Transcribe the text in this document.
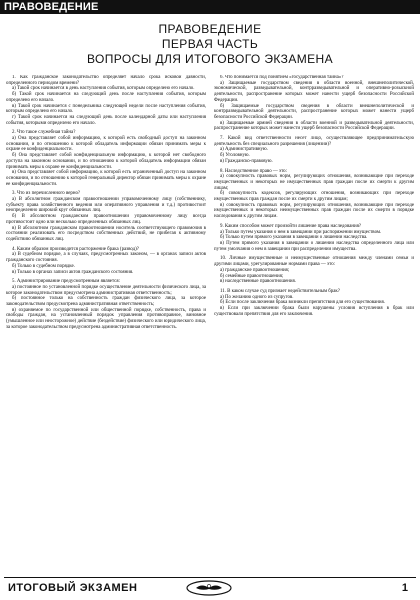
ПРАВОВЕДЕНИЕ
ПРАВОВЕДЕНИЕ
ПЕРВАЯ ЧАСТЬ
ВОПРОСЫ ДЛЯ ИТОГОВОГО ЭКЗАМЕНА

1. Как гражданское законодательство определяет начало срока исковой давности, определенного периодом времени?

а) Такой срок начинается в день наступления события, которым определено его начало.

б) Такой срок начинается на следующий день после наступления события, которым определено его начало.

в) Такой срок начинается с понедельника следующей недели после наступления события, которым определено его начало.

г) Такой срок начинается на следующий день после календарной даты или наступления события, которыми определено его начало.

2. Что такое служебная тайна?

а) Она представляет собой информацию, к которой есть свободный доступ на законном основании, и по отношению к которой обладатель информации обязан принимать меры к охране ее конфиденциальности.

б) Она представляет собой конфиденциальную информацию, к которой нет свободного доступа на законном основании, и по отношению к которой обладатель информации обязан принимать меры к охране ее конфиденциальности.

в) Она представляет собой информацию, к которой есть ограниченный доступ на законном основании, и по отношению к которой генеральный директор обязан принимать меры к охране ее конфиденциальности.

3. Что из перечисленного верно?

а) В абсолютном гражданском правоотношении управомоченному лицу (собственнику, субъекту права хозяйственного ведения или оперативного управления и т.д.) противостоит неопределенно широкий круг обязанных лиц.

б) В абсолютном гражданском правоотношении управомоченному лицу всегда противостоит одно или несколько определенных обязанных лиц.

в) В абсолютном гражданском правоотношении носитель соответствующего правомочия в состоянии реализовать его посредством собственных действий, не прибегая к активному содействию обязанных лиц.

4. Каким образом производится расторжение брака (развод)?

а) В судебном порядке, а в случаях, предусмотренных законом, — в органах записи актов гражданского состояния.

б) Только в судебном порядке.

в) Только в органах записи актов гражданского состояния.

5. Администрирование предусмотренным является:

а) постоянное по установленной порядке осуществление деятельности физического лица, за которое законодательством предусмотрена административная ответственность;

б) постоянное только на собственность граждан физического лица, за которое законодательством предусмотрена административная ответственность;

в) охраняемое по государственной или общественной порядке, собственность, права и свободы граждан, на установленный порядок управления противоправное, виновное (умышленное или неосторожное) действие (бездействие) физического или юридического лица, за которое законодательством предусмотрена административная ответственность.

6. Что понимается под понятием «государственная тайна»?

а) Защищаемые государством сведения в области военной, внешнеполитической, экономической, разведывательной, контрразведывательной и оперативно-розыскной деятельности, распространение которых может нанести ущерб безопасности Российской Федерации.

б) Защищаемые государством сведения в области внешнеполитической и контрразведывательной деятельности, распространение которых может нанести ущерб безопасности Российской Федерации.

в) Защищаемые армией сведения в области военной и разведывательной деятельности, распространение которых может нанести ущерб безопасности Российской Федерации.

7. Какой вид ответственности несет лицо, осуществляющее предпринимательскую деятельность без специального разрешения (лицензии)?

а) Административную.

б) Уголовную.

в) Гражданско-правовую.

8. Наследственное право — это:

а) совокупность правовых норм, регулирующих отношения, возникающие при переходе имущественных и некоторых не имущественных прав граждан после их смерти к другим лицам;

б) совокупность кодексов, регулирующих отношения, возникающих при переходе имущественных прав граждан после их смерти к другим лицам;

в) совокупность правовых норм, регулирующих отношения, возникающие при переходе имущественных и некоторых неимущественных прав граждан после их смерти в порядке наследования к другим лицам.

9. Каким способом может произойти лишение права наследования?

а) Только путем указания о нем в завещании при распоряжении имуществом.

б) Только путем прямого указания в завещании о лишении наследства.

в) Путем прямого указания в завещании о лишении наследства определенного лица или путем умолчания о нем в завещании при распределении имущества.

10. Личные имущественные и неимущественные отношения между членами семьи и другими лицами, урегулированные нормами права — это:

а) гражданские правоотношения;

б) семейные правоотношения;

в) наследственные правоотношения.

11. В каком случае суд признает недействительным брак?

а) По желанию одного из супругов.

б) Если после заключения брака возникли препятствия для его существования.

в) Если при заключении брака были нарушены условия вступления в брак или существовали препятствия для его заключения.

ИТОГОВЫЙ ЭКЗАМЕН	1
